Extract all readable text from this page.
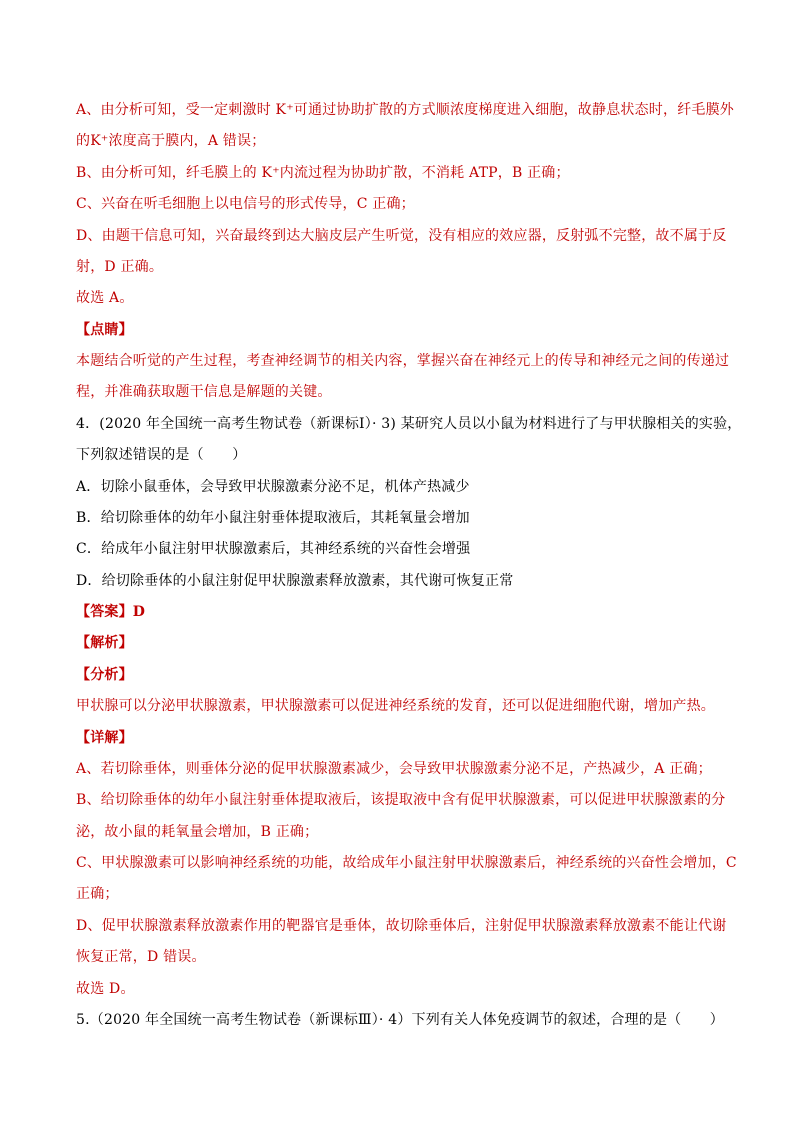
A、由分析可知，受一定刺激时 K⁺可通过协助扩散的方式顺浓度梯度进入细胞，故静息状态时，纤毛膜外
的K⁺浓度高于膜内，A 错误；
B、由分析可知，纤毛膜上的 K⁺内流过程为协助扩散，不消耗 ATP，B 正确；
C、兴奋在听毛细胞上以电信号的形式传导，C 正确；
D、由题干信息可知，兴奋最终到达大脑皮层产生听觉，没有相应的效应器，反射弧不完整，故不属于反
射，D 正确。
故选 A。
【点睛】
本题结合听觉的产生过程，考查神经调节的相关内容，掌握兴奋在神经元上的传导和神经元之间的传递过
程，并准确获取题干信息是解题的关键。
4．(2020 年全国统一高考生物试卷（新课标Ⅰ）· 3) 某研究人员以小鼠为材料进行了与甲状腺相关的实验，
下列叙述错误的是（　　）
A．切除小鼠垂体，会导致甲状腺激素分泌不足，机体产热减少
B．给切除垂体的幼年小鼠注射垂体提取液后，其耗氧量会增加
C．给成年小鼠注射甲状腺激素后，其神经系统的兴奋性会增强
D．给切除垂体的小鼠注射促甲状腺激素释放激素，其代谢可恢复正常
【答案】D
【解析】
【分析】
甲状腺可以分泌甲状腺激素，甲状腺激素可以促进神经系统的发育，还可以促进细胞代谢，增加产热。
【详解】
A、若切除垂体，则垂体分泌的促甲状腺激素减少，会导致甲状腺激素分泌不足，产热减少，A 正确；
B、给切除垂体的幼年小鼠注射垂体提取液后，该提取液中含有促甲状腺激素，可以促进甲状腺激素的分
泌，故小鼠的耗氧量会增加，B 正确；
C、甲状腺激素可以影响神经系统的功能，故给成年小鼠注射甲状腺激素后，神经系统的兴奋性会增加，C
正确；
D、促甲状腺激素释放激素作用的靶器官是垂体，故切除垂体后，注射促甲状腺激素释放激素不能让代谢
恢复正常，D 错误。
故选 D。
5.（2020 年全国统一高考生物试卷（新课标Ⅲ）· 4）下列有关人体免疫调节的叙述，合理的是（　　）
